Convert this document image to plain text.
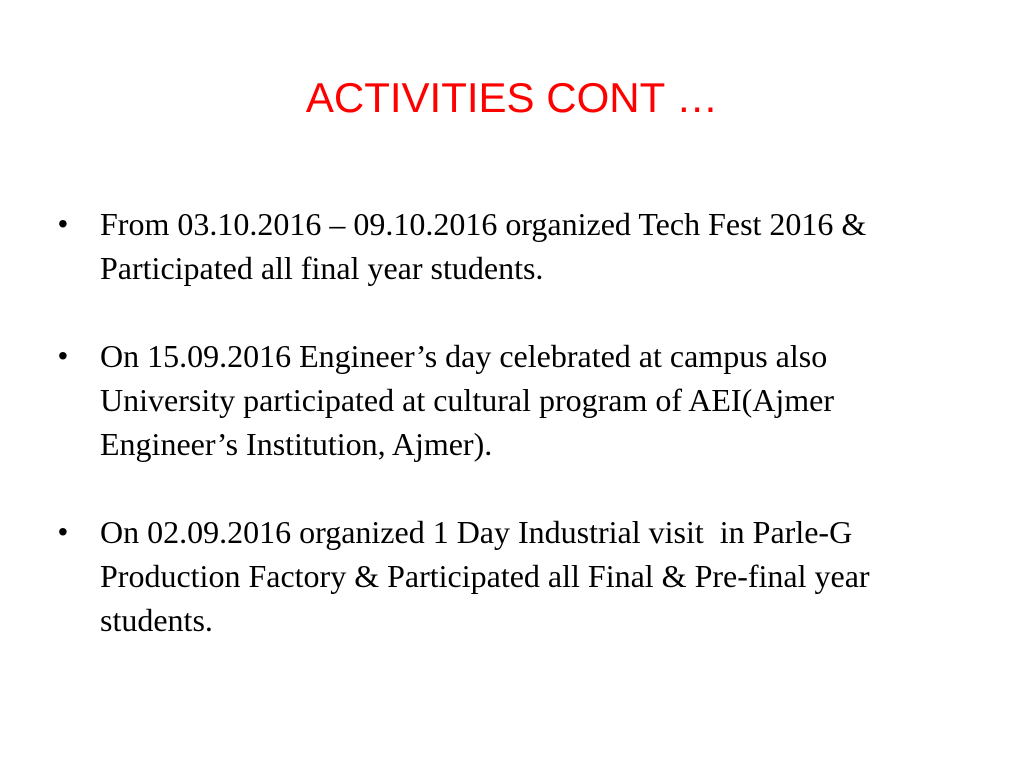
ACTIVITIES CONT …
•	From 03.10.2016 – 09.10.2016 organized Tech Fest 2016 & Participated all final year students.
•	On 15.09.2016 Engineer’s day celebrated at campus also University participated at cultural program of AEI(Ajmer Engineer’s Institution, Ajmer).
•	On 02.09.2016 organized 1 Day Industrial visit  in Parle-G Production Factory & Participated all Final & Pre-final year  students.
